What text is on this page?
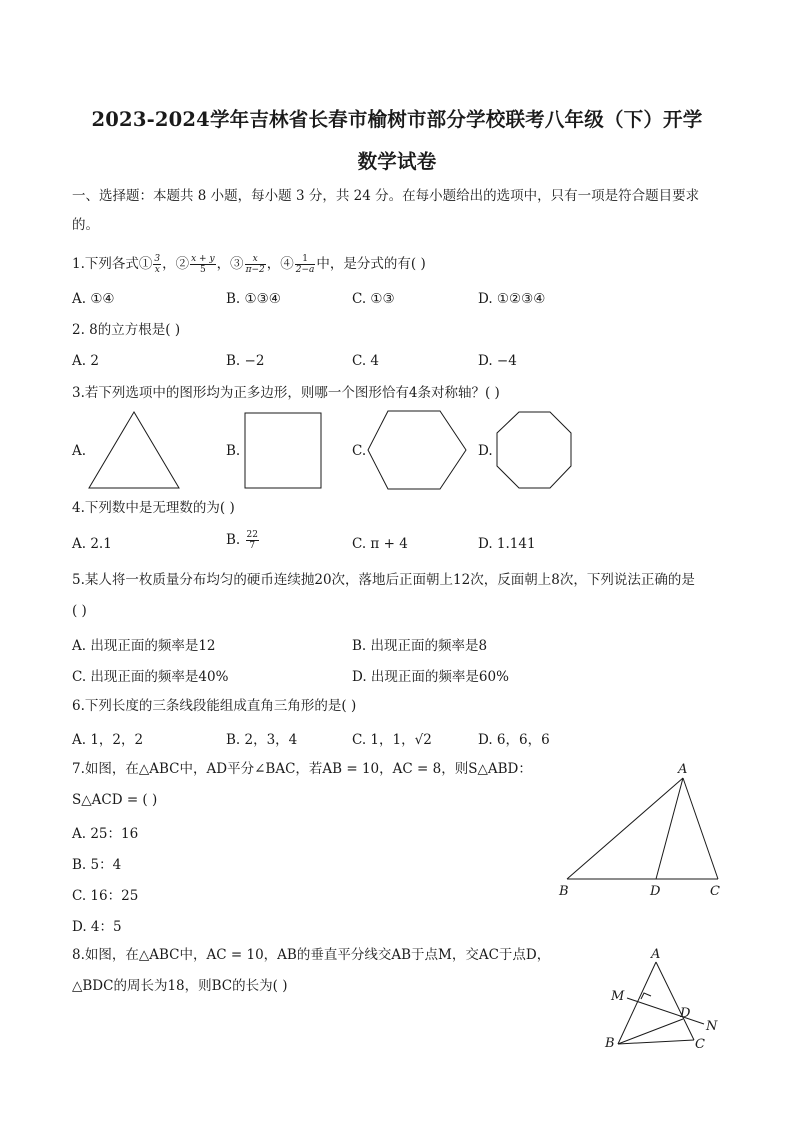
2023-2024学年吉林省长春市榆树市部分学校联考八年级（下）开学
数学试卷
一、选择题：本题共 8 小题，每小题 3 分，共 24 分。在每小题给出的选项中，只有一项是符合题目要求
的。
1.下列各式① $\frac{3}{x}$ ，② $\frac{x + y}{5}$ ，③ $\frac{x}{\pi-2}$ ，④ $\frac{1}{2-a}$ 中，是分式的有( )
A. ①④	B. ①③④	C. ①③	D. ①②③④
2. 8的立方根是( )
A. 2	B. −2	C. 4	D. −4
3.若下列选项中的图形均为正多边形，则哪一个图形恰有4条对称轴？( )
A.	B.	C.	D.
4.下列数中是无理数的为( )
A. 2.1	B. $\frac{22}{7}$	C. π + 4	D. 1.141
5.某人将一枚质量分布均匀的硬币连续抛20次，落地后正面朝上12次，反面朝上8次，下列说法正确的是
( )
A. 出现正面的频率是12	B. 出现正面的频率是8
C. 出现正面的频率是40%	D. 出现正面的频率是60%
6.下列长度的三条线段能组成直角三角形的是( )
A. 1，2，2	B. 2，3，4	C. 1，1，√2	D. 6，6，6
7.如图，在△ABC中，AD平分∠BAC，若AB = 10，AC = 8，则S△ABD：
S△ACD = ( )
A. 25：16
B. 5：4
C. 16：25
D. 4：5
A
B	D	C
8.如图，在△ABC中，AC = 10，AB的垂直平分线交AB于点M，交AC于点D，
△BDC的周长为18，则BC的长为( )
A
M
D
N
B	C
